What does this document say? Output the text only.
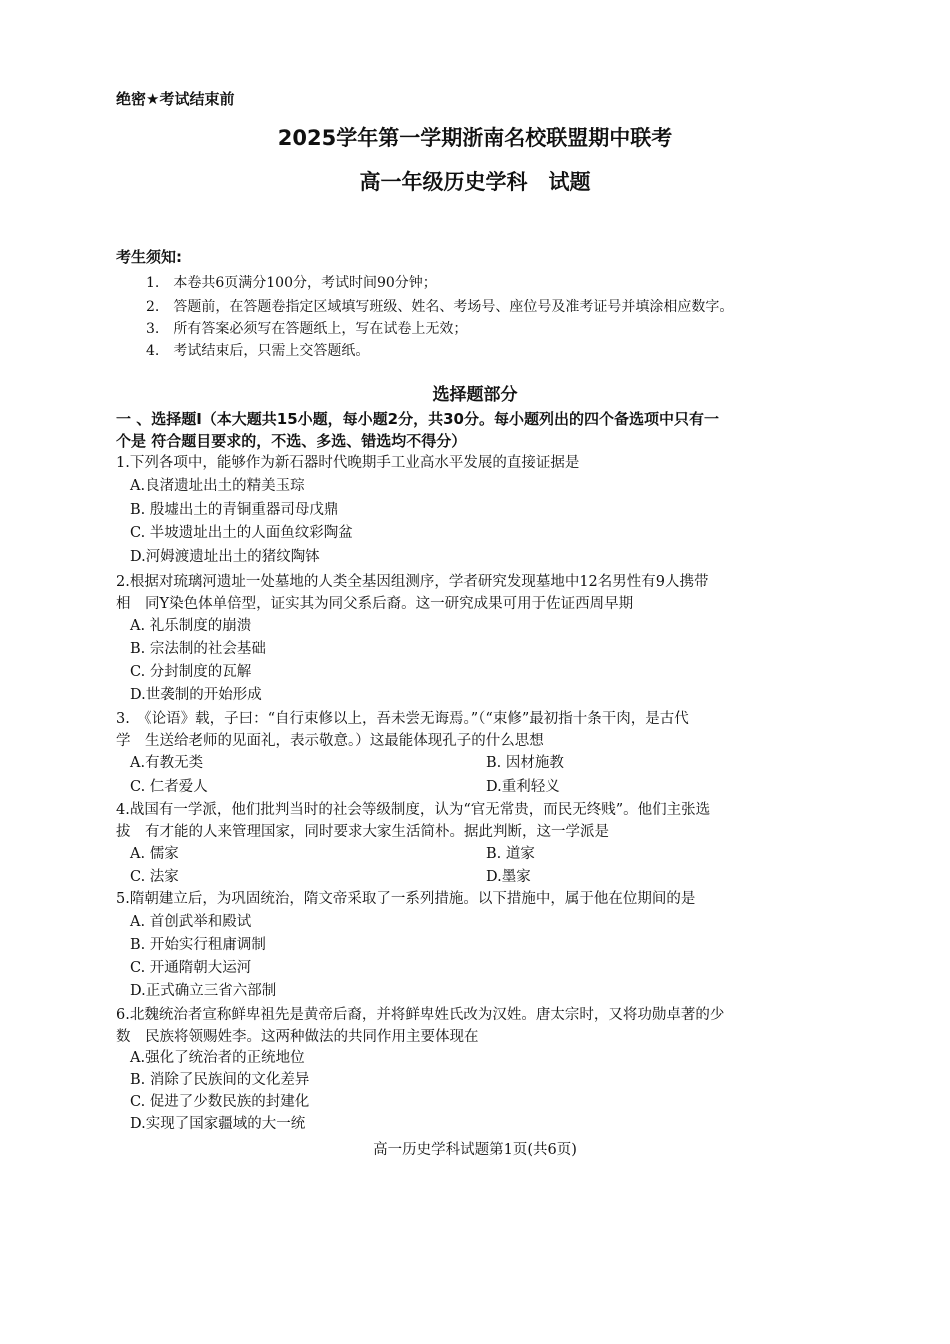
绝密★考试结束前
2025学年第一学期浙南名校联盟期中联考
高一年级历史学科　试题
考生须知:
1.　本卷共6页满分100分，考试时间90分钟；
2.　答题前，在答题卷指定区域填写班级、姓名、考场号、座位号及准考证号并填涂相应数字。
3.　所有答案必须写在答题纸上，写在试卷上无效；
4.　考试结束后，只需上交答题纸。
选择题部分
一 、选择题Ⅰ（本大题共15小题，每小题2分，共30分。每小题列出的四个备选项中只有一
个是 符合题目要求的，不选、多选、错选均不得分）
1.下列各项中，能够作为新石器时代晚期手工业高水平发展的直接证据是
A.良渚遗址出土的精美玉琮
B. 殷墟出土的青铜重器司母戊鼎
C. 半坡遗址出土的人面鱼纹彩陶盆
D.河姆渡遗址出土的猪纹陶钵
2.根据对琉璃河遗址一处墓地的人类全基因组测序，学者研究发现墓地中12名男性有9人携带
相　同Y染色体单倍型，证实其为同父系后裔。这一研究成果可用于佐证西周早期
A. 礼乐制度的崩溃
B. 宗法制的社会基础
C. 分封制度的瓦解
D.世袭制的开始形成
3.　《论语》载，子曰：“自行束修以上，吾未尝无诲焉。”（“束修”最初指十条干肉，是古代
学　生送给老师的见面礼，表示敬意。）这最能体现孔子的什么思想
A.有教无类	B. 因材施教
C. 仁者爱人	D.重利轻义
4.战国有一学派，他们批判当时的社会等级制度，认为“官无常贵，而民无终贱”。他们主张选
拔　有才能的人来管理国家，同时要求大家生活简朴。据此判断，这一学派是
A. 儒家	B. 道家
C. 法家	D.墨家
5.隋朝建立后，为巩固统治，隋文帝采取了一系列措施。以下措施中，属于他在位期间的是
A. 首创武举和殿试
B. 开始实行租庸调制
C. 开通隋朝大运河
D.正式确立三省六部制
6.北魏统治者宣称鲜卑祖先是黄帝后裔，并将鲜卑姓氏改为汉姓。唐太宗时，又将功勋卓著的少
数　民族将领赐姓李。这两种做法的共同作用主要体现在
A.强化了统治者的正统地位
B. 消除了民族间的文化差异
C. 促进了少数民族的封建化
D.实现了国家疆域的大一统
高一历史学科试题第1页(共6页)
